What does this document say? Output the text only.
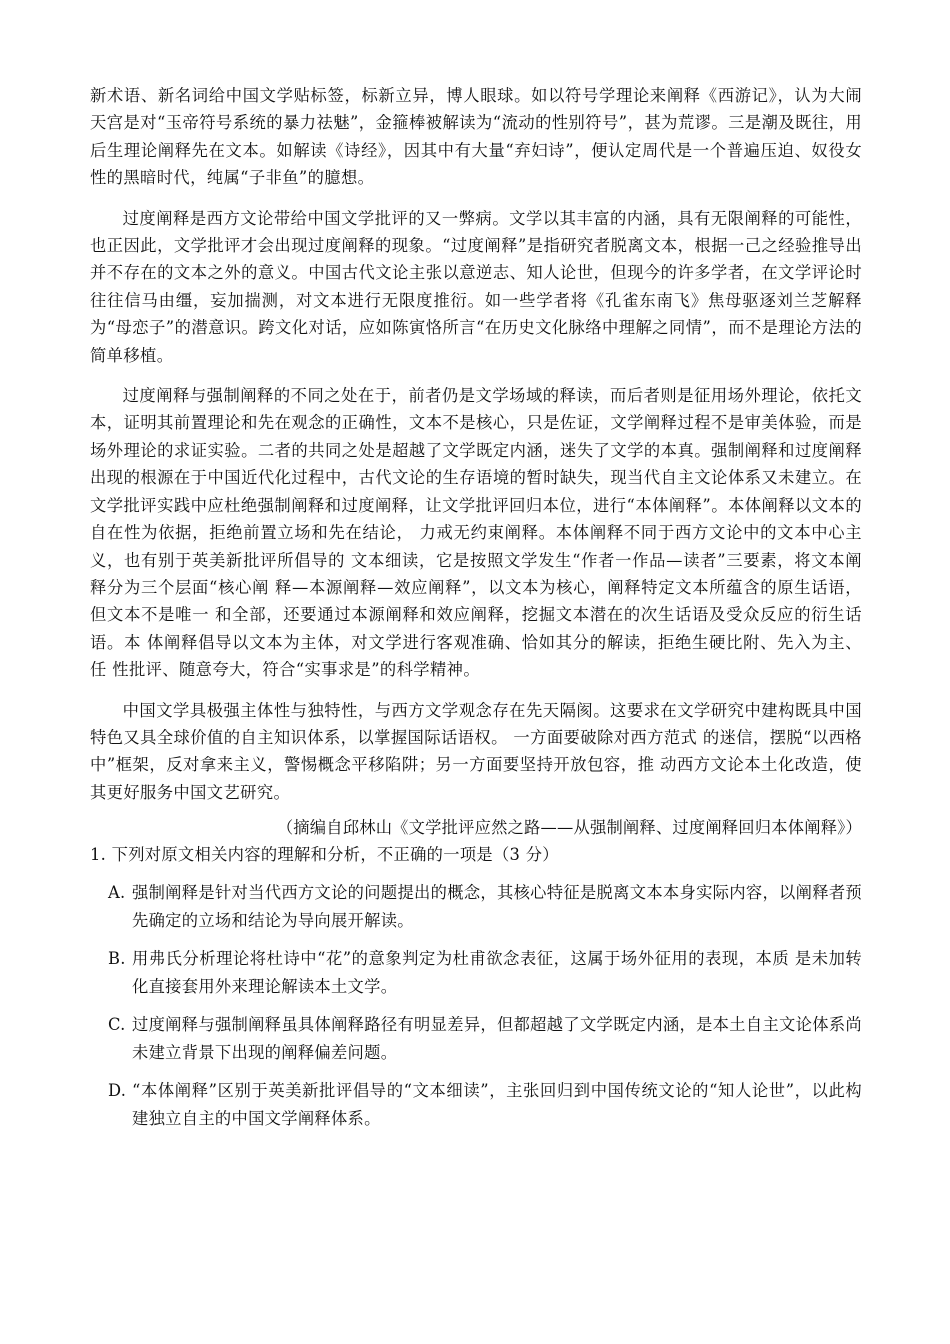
新术语、新名词给中国文学贴标签，标新立异，博人眼球。如以符号学理论来阐释《西游记》，认为大闹天宫是对“玉帝符号系统的暴力祛魅”，金箍棒被解读为“流动的性别符号”，甚为荒谬。三是潮及既往，用后生理论阐释先在文本。如解读《诗经》，因其中有大量“弃妇诗”，便认定周代是一个普遍压迫、奴役女性的黑暗时代，纯属“子非鱼”的臆想。

过度阐释是西方文论带给中国文学批评的又一弊病。文学以其丰富的内涵，具有无限阐释的可能性，也正因此，文学批评才会出现过度阐释的现象。“过度阐释”是指研究者脱离文本，根据一己之经验推导出并不存在的文本之外的意义。中国古代文论主张以意逆志、知人论世，但现今的许多学者，在文学评论时往往信马由缰，妄加揣测，对文本进行无限度推衍。如一些学者将《孔雀东南飞》焦母驱逐刘兰芝解释为“母恋子”的潜意识。跨文化对话，应如陈寅恪所言“在历史文化脉络中理解之同情”，而不是理论方法的简单移植。

过度阐释与强制阐释的不同之处在于，前者仍是文学场域的释读，而后者则是征用场外理论，依托文本，证明其前置理论和先在观念的正确性，文本不是核心，只是佐证，文学阐释过程不是审美体验，而是场外理论的求证实验。二者的共同之处是超越了文学既定内涵，迷失了文学的本真。强制阐释和过度阐释出现的根源在于中国近代化过程中，古代文论的生存语境的暂时缺失，现当代自主文论体系又未建立。在文学批评实践中应杜绝强制阐释和过度阐释，让文学批评回归本位，进行“本体阐释”。本体阐释以文本的自在性为依据，拒绝前置立场和先在结论， 力戒无约束阐释。本体阐释不同于西方文论中的文本中心主义，也有别于英美新批评所倡导的 文本细读，它是按照文学发生“作者一作品—读者”三要素，将文本阐释分为三个层面“核心阐 释—本源阐释—效应阐释”，以文本为核心，阐释特定文本所蕴含的原生话语，但文本不是唯一 和全部，还要通过本源阐释和效应阐释，挖掘文本潜在的次生话语及受众反应的衍生话语。本 体阐释倡导以文本为主体，对文学进行客观准确、恰如其分的解读，拒绝生硬比附、先入为主、任 性批评、随意夸大，符合“实事求是”的科学精神。

中国文学具极强主体性与独特性，与西方文学观念存在先天隔阂。这要求在文学研究中建构既具中国特色又具全球价值的自主知识体系，以掌握国际话语权。 一方面要破除对西方范式 的迷信，摆脱“以西格中”框架，反对拿来主义，警惕概念平移陷阱；另一方面要坚持开放包容，推 动西方文论本土化改造，使其更好服务中国文艺研究。

（摘编自邱林山《文学批评应然之路——从强制阐释、过度阐释回归本体阐释》）

1. 下列对原文相关内容的理解和分析，不正确的一项是（3 分）

A. 强制阐释是针对当代西方文论的问题提出的概念，其核心特征是脱离文本本身实际内容，以阐释者预先确定的立场和结论为导向展开解读。
B. 用弗氏分析理论将杜诗中“花”的意象判定为杜甫欲念表征，这属于场外征用的表现，本质 是未加转化直接套用外来理论解读本土文学。
C. 过度阐释与强制阐释虽具体阐释路径有明显差异，但都超越了文学既定内涵，是本土自主文论体系尚未建立背景下出现的阐释偏差问题。
D. “本体阐释”区别于英美新批评倡导的“文本细读”，主张回归到中国传统文论的“知人论世”，以此构建独立自主的中国文学阐释体系。
